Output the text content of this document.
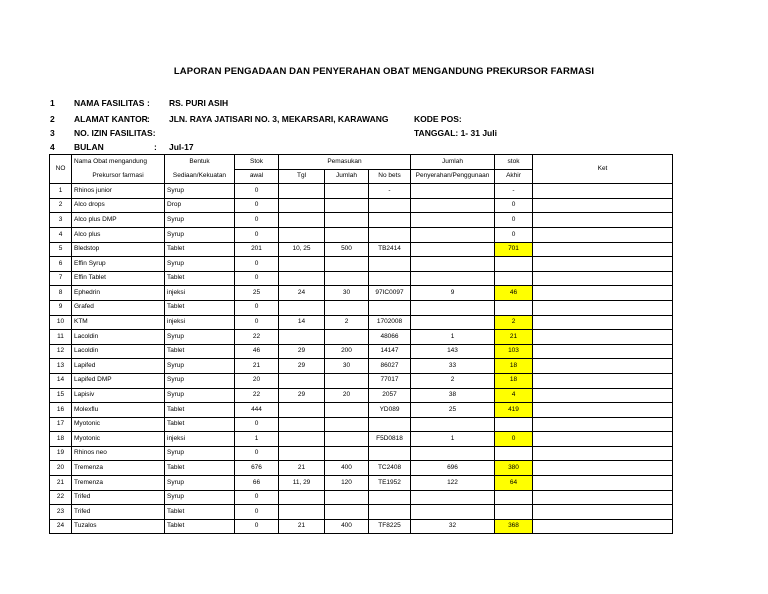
LAPORAN PENGADAAN DAN PENYERAHAN OBAT MENGANDUNG PREKURSOR FARMASI
1 NAMA FASILITAS : RS. PURI ASIH
2 ALAMAT KANTOR : JLN. RAYA JATISARI NO. 3, MEKARSARI, KARAWANG	KODE POS:
3 NO. IZIN FASILITAS:	TANGGAL: 1- 31 Juli
4 BULAN	: Jul-17
NO	Nama Obat mengandung	Bentuk	Stok	Pemasukan			Jumlah	stok	Ket
	Prekursor farmasi	Sediaan/Kekuatan	awal	Tgl	Jumlah	No bets	Penyerahan/Penggunaan	Akhir	
1	Rhinos junior	Syrup	0			-		-	
2	Alco drops	Drop	0					0	
3	Alco plus DMP	Syrup	0					0	
4	Alco plus	Syrup	0					0	
5	Bledstop	Tablet	201	10, 25	500	TB2414		701	
6	Effin Syrup	Syrup	0						
7	Effin Tablet	Tablet	0						
8	Ephedrin	injeksi	25	24	30	97IC0097	9	46	
9	Grafed	Tablet	0						
10	KTM	injeksi	0	14	2	1702008		2	
11	Lacoldin	Syrup	22			48066	1	21	
12	Lacoldin	Tablet	46	29	200	14147	143	103	
13	Lapifed	Syrup	21	29	30	86027	33	18	
14	Lapifed DMP	Syrup	20			77017	2	18	
15	Lapisiv	Syrup	22	29	20	2057	38	4	
16	Molexflu	Tablet	444			YD089	25	419	
17	Myotonic	Tablet	0						
18	Myotonic	injeksi	1			F5D0818	1	0	
19	Rhinos neo	Syrup	0						
20	Tremenza	Tablet	676	21	400	TC2408	696	380	
21	Tremenza	Syrup	66	11, 29	120	TE1952	122	64	
22	Trifed	Syrup	0						
23	Trifed	Tablet	0						
24	Tuzalos	Tablet	0	21	400	TF8225	32	368	
